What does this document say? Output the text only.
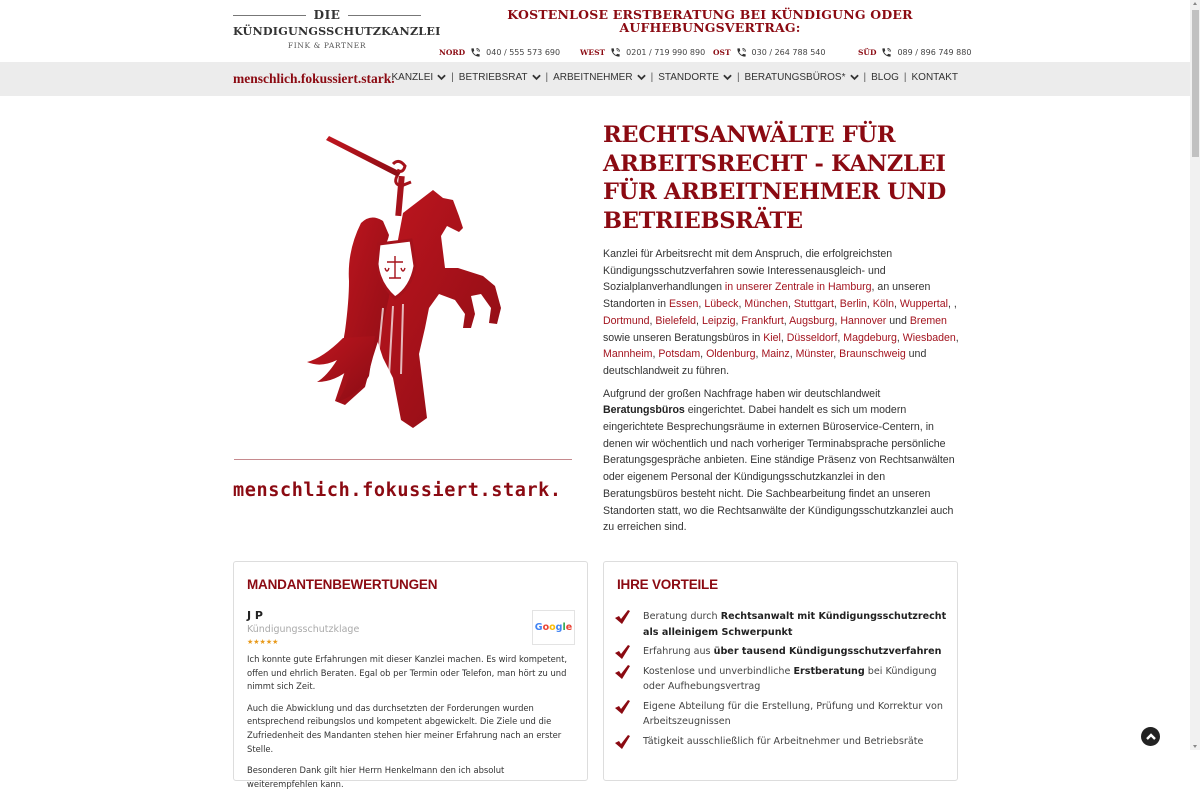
DIE
KÜNDIGUNGSSCHUTZKANZLEI
FINK & PARTNER
KOSTENLOSE ERSTBERATUNG BEI KÜNDIGUNG ODER AUFHEBUNGSVERTRAG:
NORD	040 / 555 573 690	WEST	0201 / 719 990 890 OST	030 / 264 788 540	SÜD	089 / 896 749 880
menschlich.fokussiert.stark.
KANZLEI | BETRIEBSRAT | ARBEITNEHMER | STANDORTE | BERATUNGSBÜROS* | BLOG | KONTAKT
menschlich.fokussiert.stark.
RECHTSANWÄLTE FÜR ARBEITSRECHT - KANZLEI FÜR ARBEITNEHMER UND BETRIEBSRÄTE

Kanzlei für Arbeitsrecht mit dem Anspruch, die erfolgreichsten Kündigungsschutzverfahren sowie Interessenausgleich- und Sozialplanverhandlungen in unserer Zentrale in Hamburg, an unseren Standorten in Essen, Lübeck, München, Stuttgart, Berlin, Köln, Wuppertal, , Dortmund, Bielefeld, Leipzig, Frankfurt, Augsburg, Hannover und Bremen sowie unseren Beratungsbüros in Kiel, Düsseldorf, Magdeburg, Wiesbaden, Mannheim, Potsdam, Oldenburg, Mainz, Münster, Braunschweig und deutschlandweit zu führen.

Aufgrund der großen Nachfrage haben wir deutschlandweit Beratungsbüros eingerichtet. Dabei handelt es sich um modern eingerichtete Besprechungsräume in externen Büroservice-Centern, in denen wir wöchentlich und nach vorheriger Terminabsprache persönliche Beratungsgespräche anbieten. Eine ständige Präsenz von Rechtsanwälten oder eigenem Personal der Kündigungsschutzkanzlei in den Beratungsbüros besteht nicht. Die Sachbearbeitung findet an unseren Standorten statt, wo die Rechtsanwälte der Kündigungsschutzkanzlei auch zu erreichen sind.

MANDANTENBEWERTUNGEN
J P
Kündigungsschutzklage
★★★★★
Google

Ich konnte gute Erfahrungen mit dieser Kanzlei machen. Es wird kompetent, offen und ehrlich Beraten. Egal ob per Termin oder Telefon, man hört zu und nimmt sich Zeit.

Auch die Abwicklung und das durchsetzten der Forderungen wurden entsprechend reibungslos und kompetent abgewickelt. Die Ziele und die Zufriedenheit des Mandanten stehen hier meiner Erfahrung nach an erster Stelle.

Besonderen Dank gilt hier Herrn Henkelmann den ich absolut weiterempfehlen kann.

IHRE VORTEILE
Beratung durch Rechtsanwalt mit Kündigungsschutzrecht als alleinigem Schwerpunkt
Erfahrung aus über tausend Kündigungsschutzverfahren
Kostenlose und unverbindliche Erstberatung bei Kündigung oder Aufhebungsvertrag
Eigene Abteilung für die Erstellung, Prüfung und Korrektur von Arbeitszeugnissen
Tätigkeit ausschließlich für Arbeitnehmer und Betriebsräte
